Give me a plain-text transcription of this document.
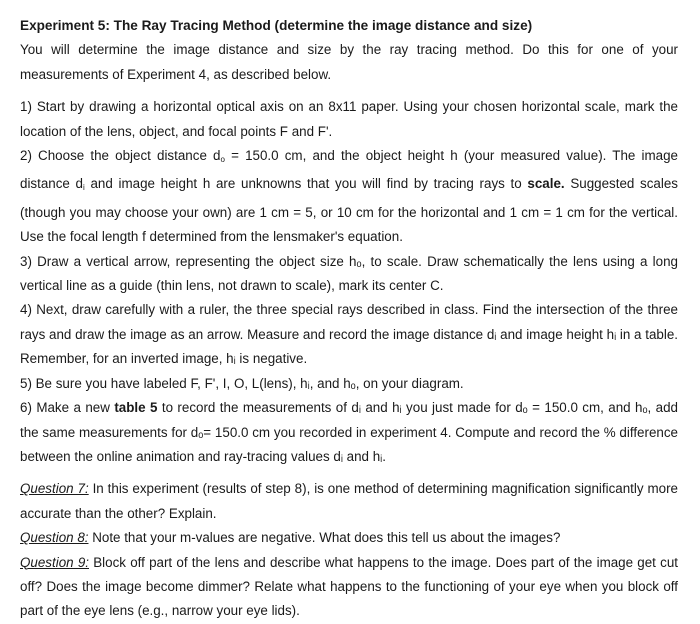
Experiment 5: The Ray Tracing Method (determine the image distance and size)

You will determine the image distance and size by the ray tracing method. Do this for one of your measurements of Experiment 4, as described below.

1) Start by drawing a horizontal optical axis on an 8x11 paper. Using your chosen horizontal scale, mark the location of the lens, object, and focal points F and F'.

2) Choose the object distance $d_o = 150.0$ cm, and the object height h (your measured value). The image distance $d_i$ and image height h are unknowns that you will find by tracing rays to scale. Suggested scales (though you may choose your own) are 1 cm = 5, or 10 cm for the horizontal and 1 cm = 1 cm for the vertical. Use the focal length f determined from the lensmaker's equation.

3) Draw a vertical arrow, representing the object size hₒ, to scale. Draw schematically the lens using a long vertical line as a guide (thin lens, not drawn to scale), mark its center C.

4) Next, draw carefully with a ruler, the three special rays described in class. Find the intersection of the three rays and draw the image as an arrow. Measure and record the image distance dᵢ and image height hᵢ in a table. Remember, for an inverted image, hᵢ is negative.

5) Be sure you have labeled F, F', I, O, L(lens), hᵢ, and hₒ, on your diagram.

6) Make a new table 5 to record the measurements of dᵢ and hᵢ you just made for dₒ = 150.0 cm, and hₒ, add the same measurements for dₒ= 150.0 cm you recorded in experiment 4. Compute and record the % difference between the online animation and ray-tracing values dᵢ and hᵢ.

Question 7: In this experiment (results of step 8), is one method of determining magnification significantly more accurate than the other? Explain.

Question 8: Note that your m-values are negative. What does this tell us about the images?

Question 9: Block off part of the lens and describe what happens to the image. Does part of the image get cut off? Does the image become dimmer? Relate what happens to the functioning of your eye when you block off part of the eye lens (e.g., narrow your eye lids).
